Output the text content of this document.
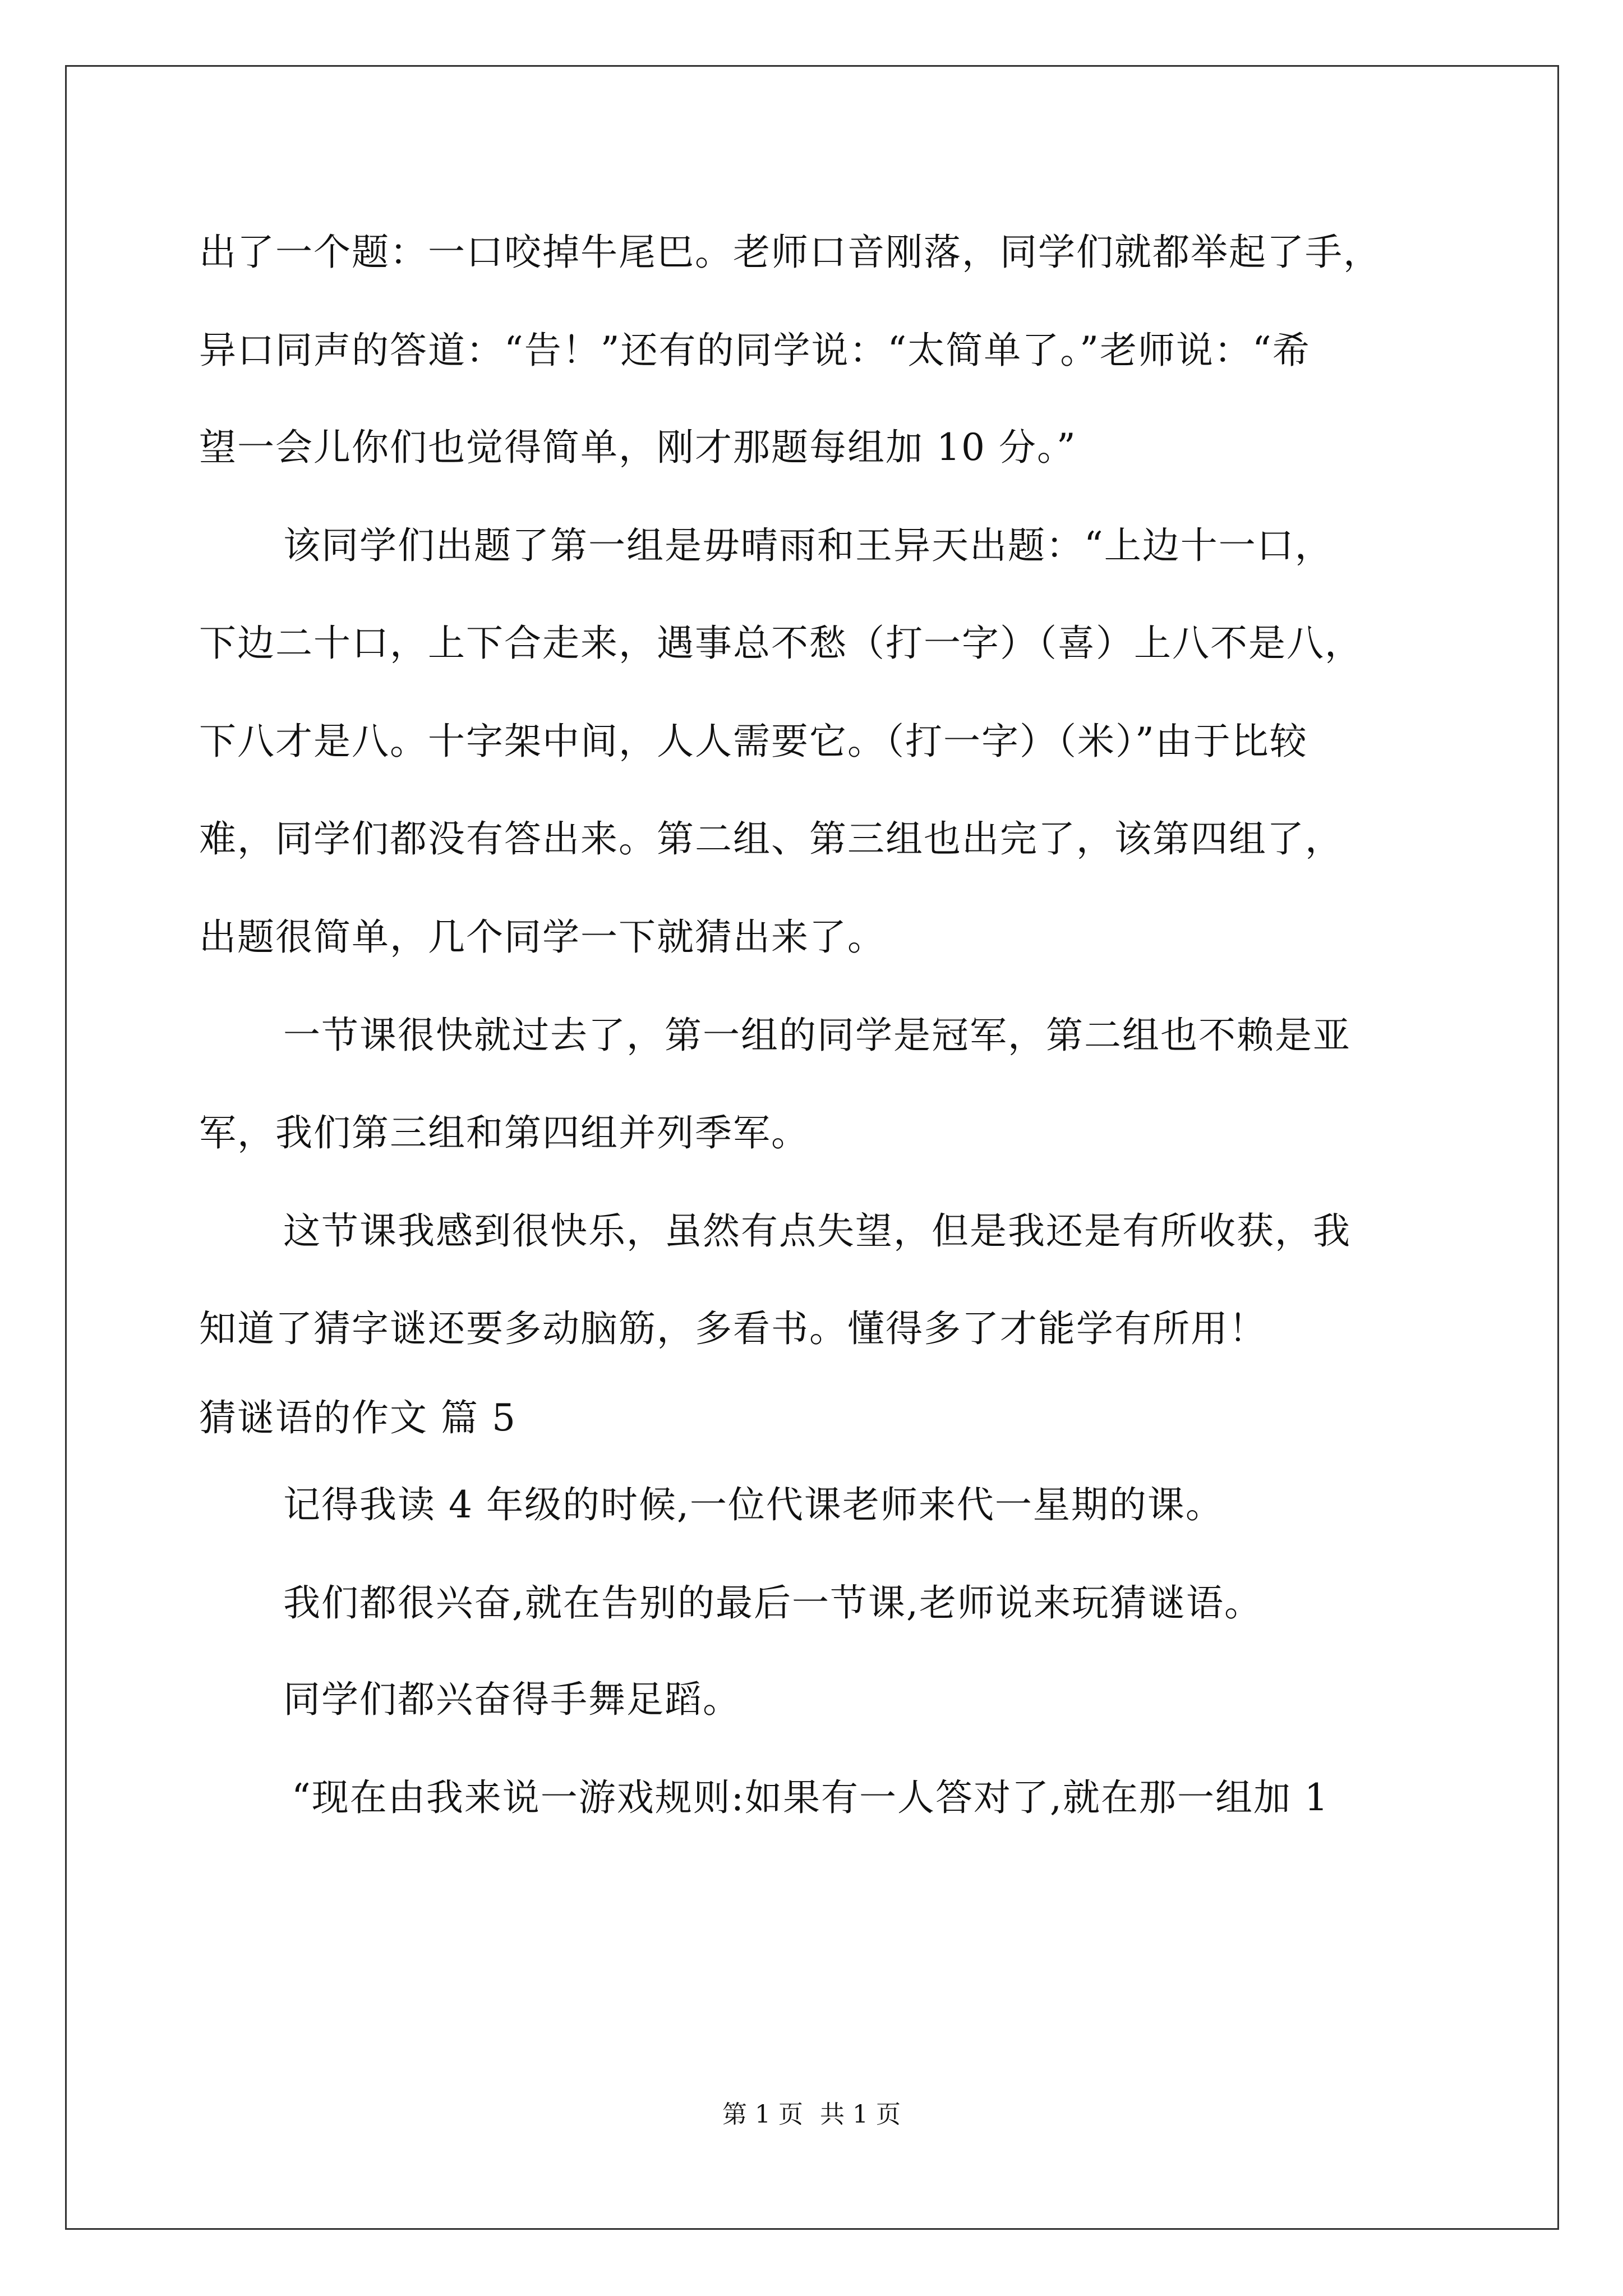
出了一个题：一口咬掉牛尾巴。老师口音刚落，同学们就都举起了手，
异口同声的答道：“告！”还有的同学说：“太简单了。”老师说：“希
望一会儿你们也觉得简单，刚才那题每组加 10 分。”
该同学们出题了第一组是毋晴雨和王异天出题：“上边十一口，
下边二十口，上下合走来，遇事总不愁（打一字）（喜）上八不是八，
下八才是八。十字架中间，人人需要它。（打一字）（米）”由于比较
难，同学们都没有答出来。第二组、第三组也出完了，该第四组了，
出题很简单，几个同学一下就猜出来了。
一节课很快就过去了，第一组的同学是冠军，第二组也不赖是亚
军，我们第三组和第四组并列季军。
这节课我感到很快乐，虽然有点失望，但是我还是有所收获，我
知道了猜字谜还要多动脑筋，多看书。懂得多了才能学有所用！
猜谜语的作文 篇 5
记得我读 4 年级的时候,一位代课老师来代一星期的课。
我们都很兴奋,就在告别的最后一节课,老师说来玩猜谜语。
同学们都兴奋得手舞足蹈。
“现在由我来说一游戏规则:如果有一人答对了,就在那一组加 1
第 1 页 共 1 页
